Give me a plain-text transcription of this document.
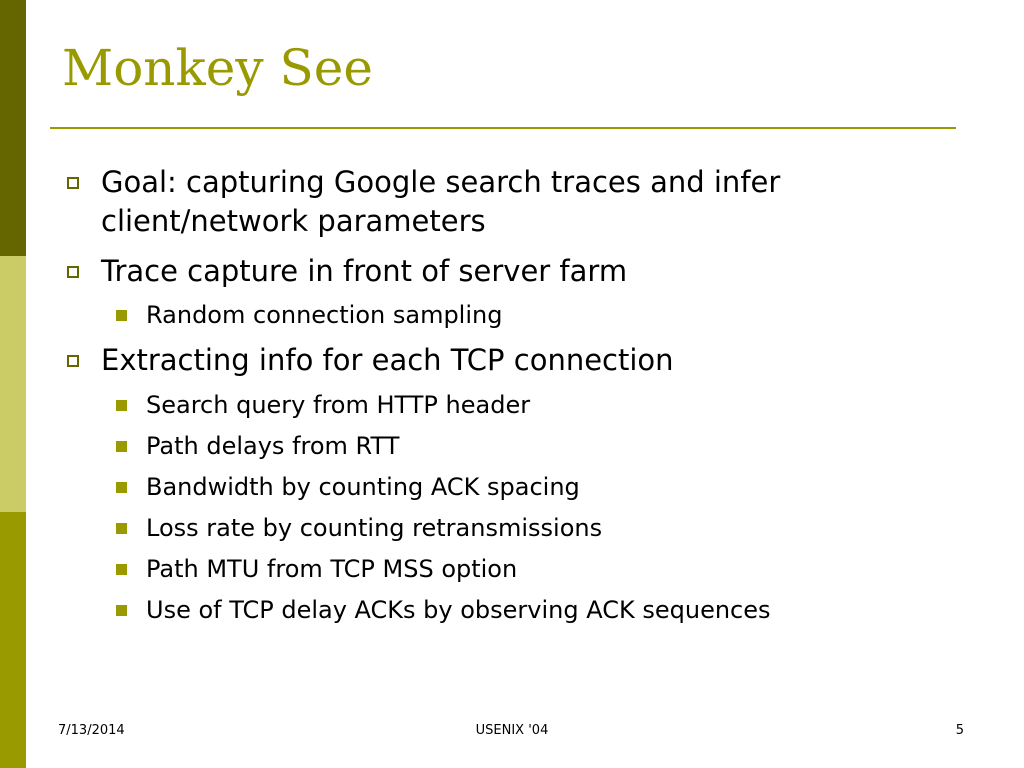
Monkey See
Goal: capturing Google search traces and infer client/network parameters
Trace capture in front of server farm
Random connection sampling
Extracting info for each TCP connection
Search query from HTTP header
Path delays from RTT
Bandwidth by counting ACK spacing
Loss rate by counting retransmissions
Path MTU from TCP MSS option
Use of TCP delay ACKs by observing ACK sequences
7/13/2014	USENIX '04	5
